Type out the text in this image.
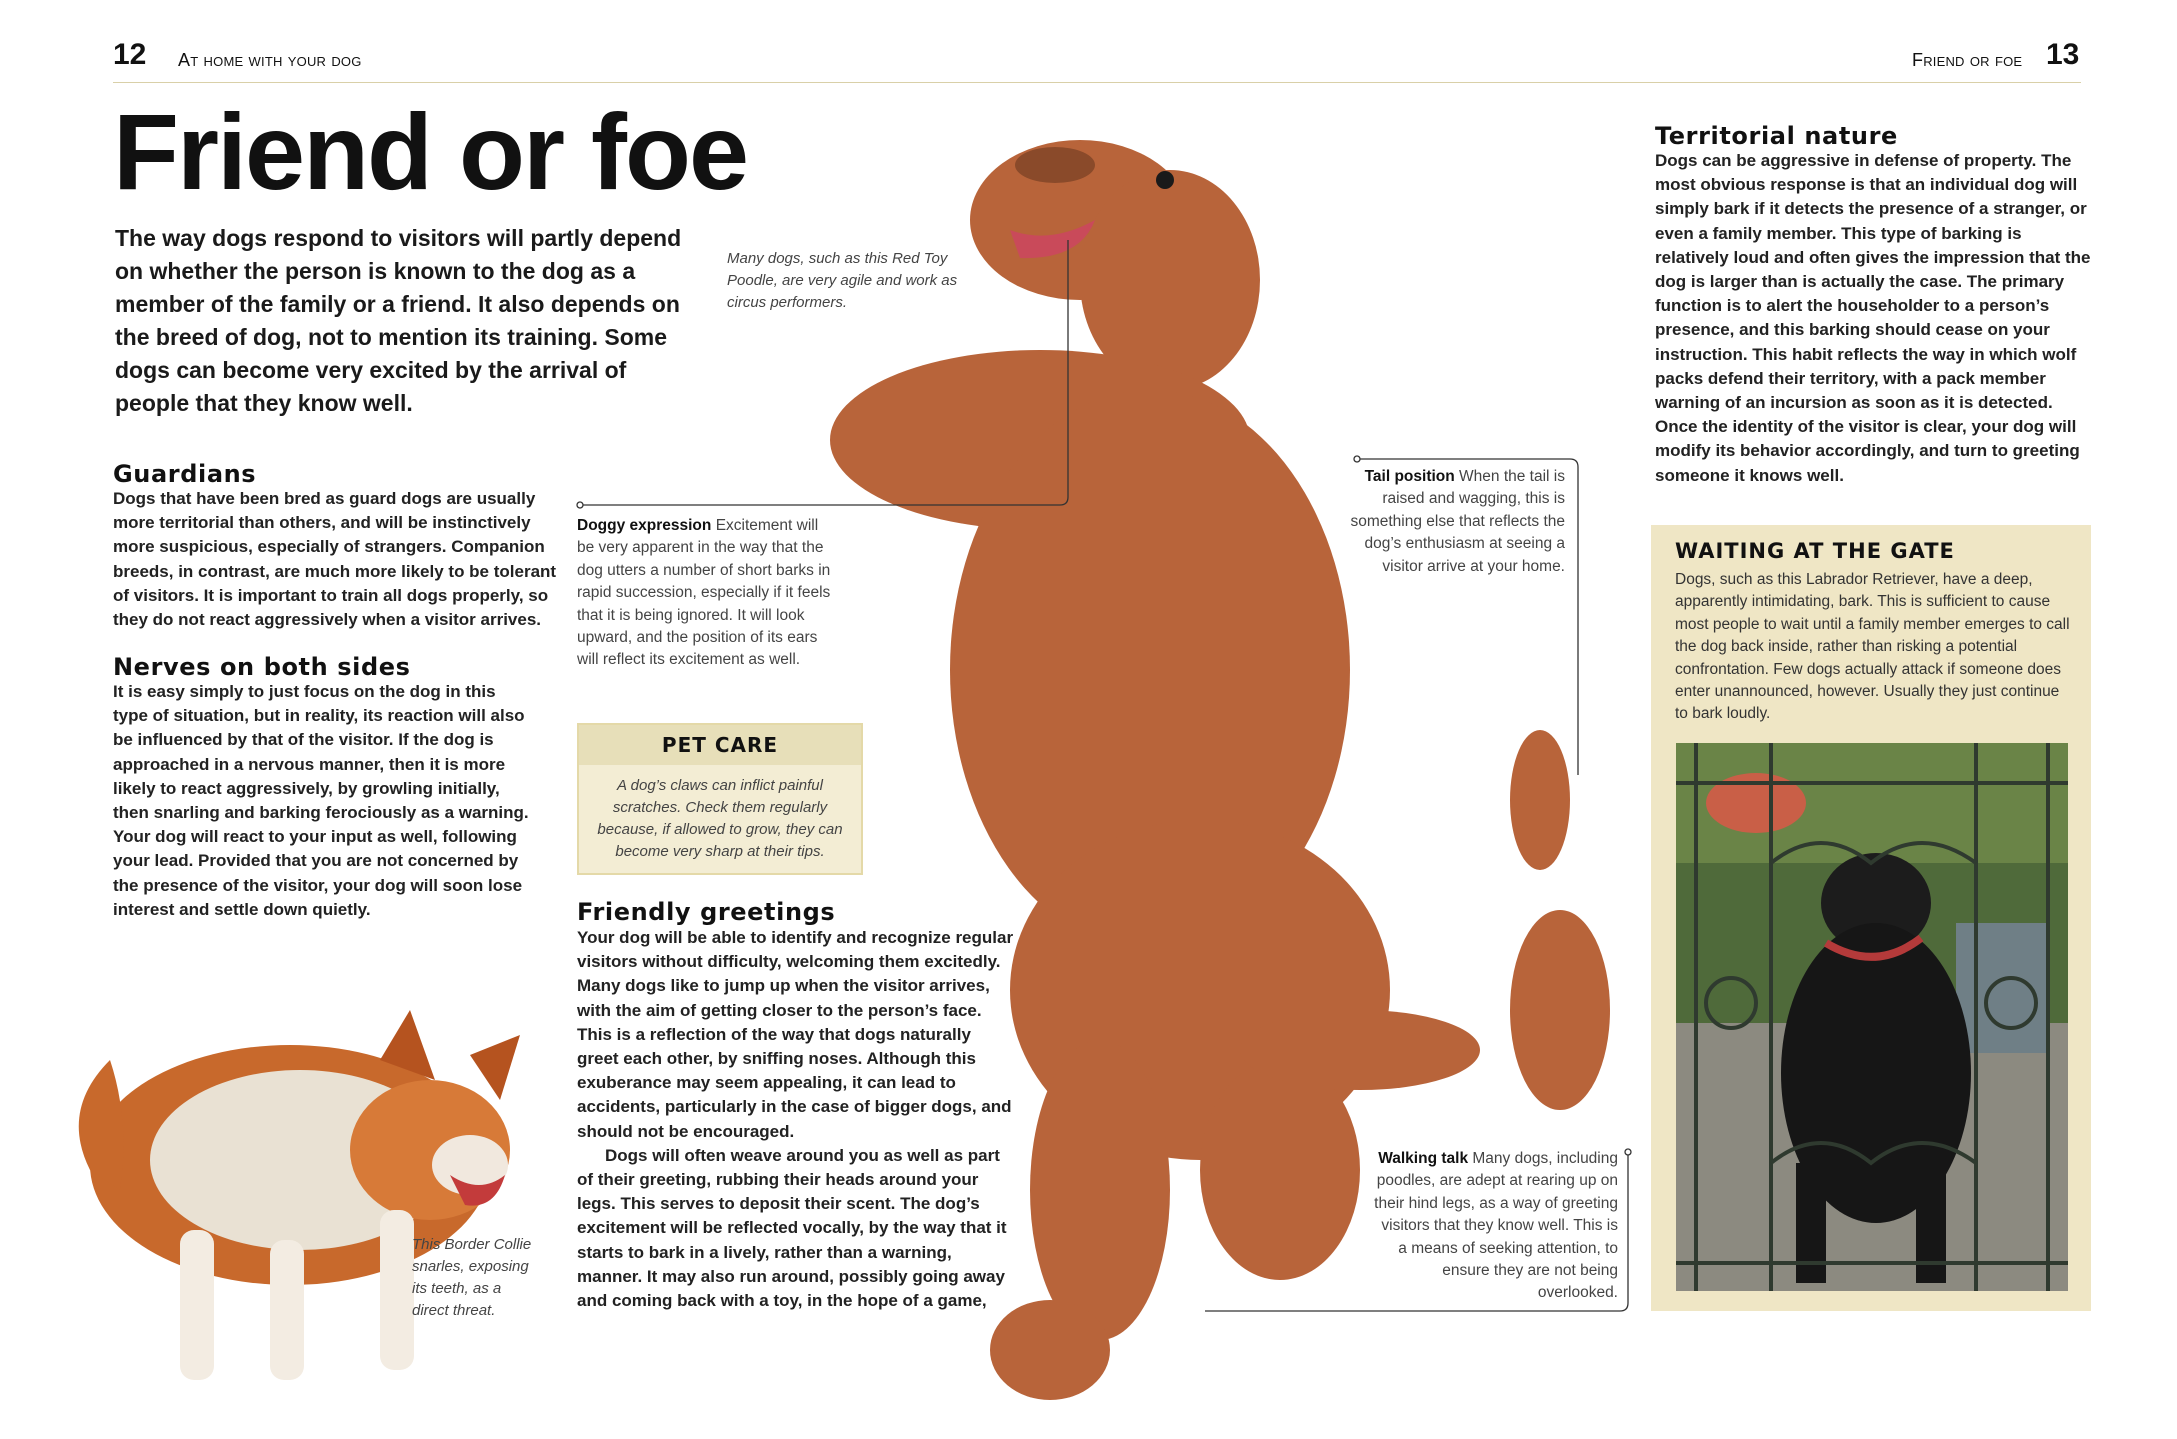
12 At home with your dog	Friend or foe 13
Friend or foe
The way dogs respond to visitors will partly depend on whether the person is known to the dog as a member of the family or a friend. It also depends on the breed of dog, not to mention its training. Some dogs can become very excited by the arrival of people that they know well.
Guardians
Dogs that have been bred as guard dogs are usually more territorial than others, and will be instinctively more suspicious, especially of strangers. Companion breeds, in contrast, are much more likely to be tolerant of visitors. It is important to train all dogs properly, so they do not react aggressively when a visitor arrives.
Nerves on both sides
It is easy simply to just focus on the dog in this type of situation, but in reality, its reaction will also be influenced by that of the visitor. If the dog is approached in a nervous manner, then it is more likely to react aggressively, by growling initially, then snarling and barking ferociously as a warning. Your dog will react to your input as well, following your lead. Provided that you are not concerned by the presence of the visitor, your dog will soon lose interest and settle down quietly.
This Border Collie snarles, exposing its teeth, as a direct threat.
Many dogs, such as this Red Toy Poodle, are very agile and work as circus performers.
Doggy expression Excitement will be very apparent in the way that the dog utters a number of short barks in rapid succession, especially if it feels that it is being ignored. It will look upward, and the position of its ears will reflect its excitement as well.
PET CARE
A dog’s claws can inflict painful scratches. Check them regularly because, if allowed to grow, they can become very sharp at their tips.
Friendly greetings
Your dog will be able to identify and recognize regular visitors without difficulty, welcoming them excitedly. Many dogs like to jump up when the visitor arrives, with the aim of getting closer to the person’s face. This is a reflection of the way that dogs naturally greet each other, by sniffing noses. Although this exuberance may seem appealing, it can lead to accidents, particularly in the case of bigger dogs, and should not be encouraged.
Dogs will often weave around you as well as part of their greeting, rubbing their heads around your legs. This serves to deposit their scent. The dog’s excitement will be reflected vocally, by the way that it starts to bark in a lively, rather than a warning, manner. It may also run around, possibly going away and coming back with a toy, in the hope of a game,
Tail position When the tail is raised and wagging, this is something else that reflects the dog’s enthusiasm at seeing a visitor arrive at your home.
Walking talk Many dogs, including poodles, are adept at rearing up on their hind legs, as a way of greeting visitors that they know well. This is a means of seeking attention, to ensure they are not being overlooked.
Territorial nature
Dogs can be aggressive in defense of property. The most obvious response is that an individual dog will simply bark if it detects the presence of a stranger, or even a family member. This type of barking is relatively loud and often gives the impression that the dog is larger than is actually the case. The primary function is to alert the householder to a person’s presence, and this barking should cease on your instruction. This habit reflects the way in which wolf packs defend their territory, with a pack member warning of an incursion as soon as it is detected. Once the identity of the visitor is clear, your dog will modify its behavior accordingly, and turn to greeting someone it knows well.
WAITING AT THE GATE
Dogs, such as this Labrador Retriever, have a deep, apparently intimidating, bark. This is sufficient to cause most people to wait until a family member emerges to call the dog back inside, rather than risking a potential confrontation. Few dogs actually attack if someone does enter unannounced, however. Usually they just continue to bark loudly.
